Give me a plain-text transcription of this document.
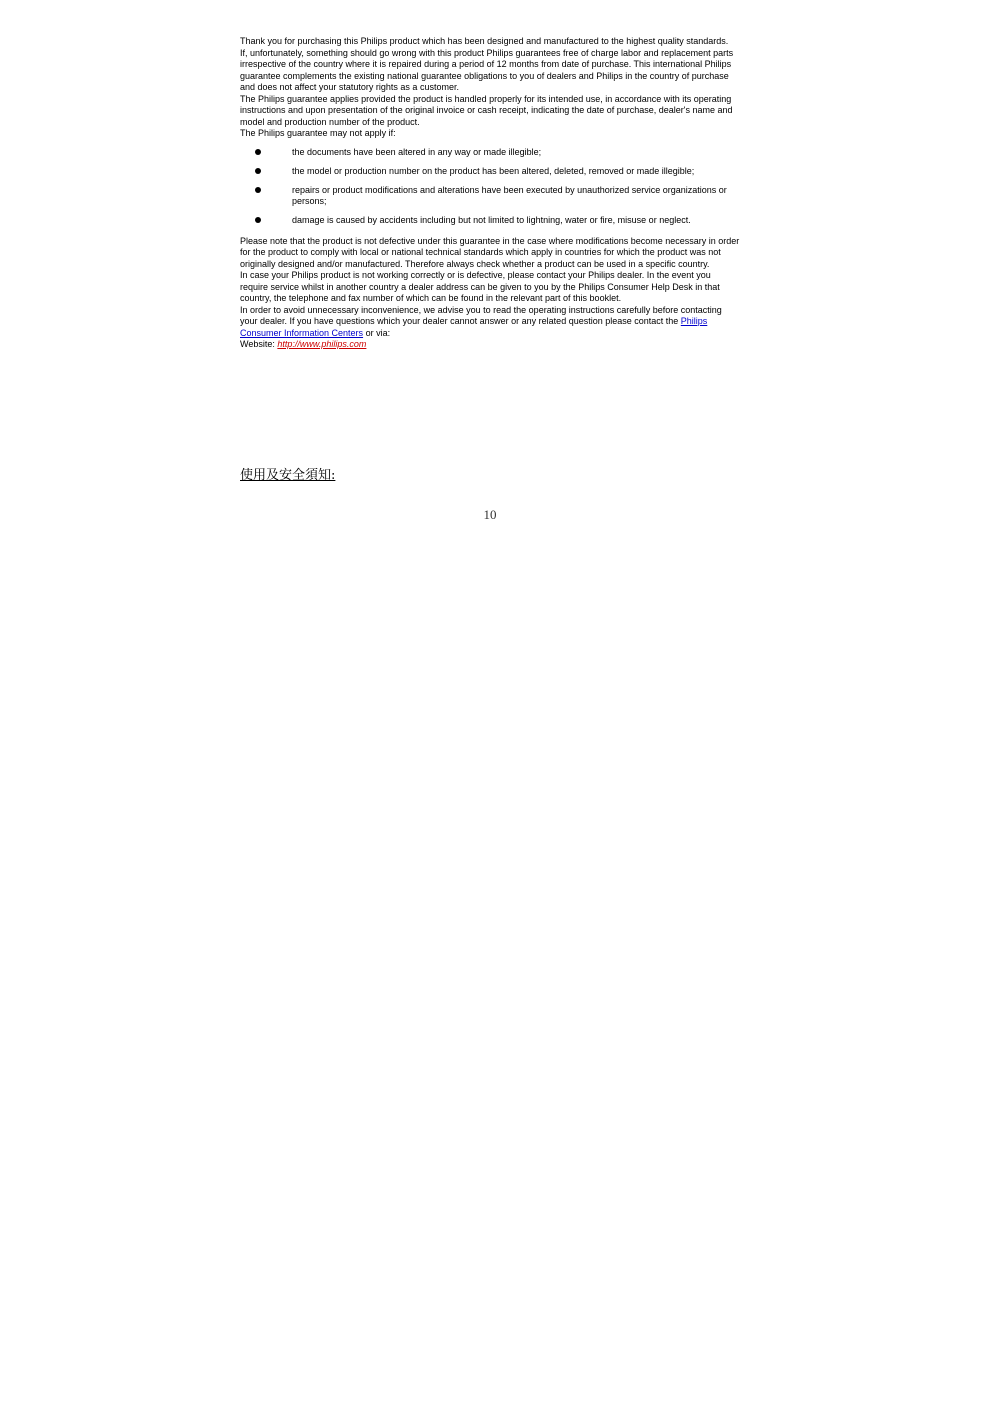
Thank you for purchasing this Philips product which has been designed and manufactured to the highest quality standards.

If, unfortunately, something should go wrong with this product Philips guarantees free of charge labor and replacement parts irrespective of the country where it is repaired during a period of 12 months from date of purchase. This international Philips guarantee complements the existing national guarantee obligations to you of dealers and Philips in the country of purchase and does not affect your statutory rights as a customer.

The Philips guarantee applies provided the product is handled properly for its intended use, in accordance with its operating instructions and upon presentation of the original invoice or cash receipt, indicating the date of purchase, dealer's name and model and production number of the product.

The Philips guarantee may not apply if:

the documents have been altered in any way or made illegible;
the model or production number on the product has been altered, deleted, removed or made illegible;
repairs or product modifications and alterations have been executed by unauthorized service organizations or persons;
damage is caused by accidents including but not limited to lightning, water or fire, misuse or neglect.

Please note that the product is not defective under this guarantee in the case where modifications become necessary in order for the product to comply with local or national technical standards which apply in countries for which the product was not originally designed and/or manufactured. Therefore always check whether a product can be used in a specific country.

In case your Philips product is not working correctly or is defective, please contact your Philips dealer. In the event you require service whilst in another country a dealer address can be given to you by the Philips Consumer Help Desk in that country, the telephone and fax number of which can be found in the relevant part of this booklet.

In order to avoid unnecessary inconvenience, we advise you to read the operating instructions carefully before contacting your dealer. If you have questions which your dealer cannot answer or any related question please contact the Philips Consumer Information Centers or via:

Website: http://www.philips.com

使用及安全須知:

10
